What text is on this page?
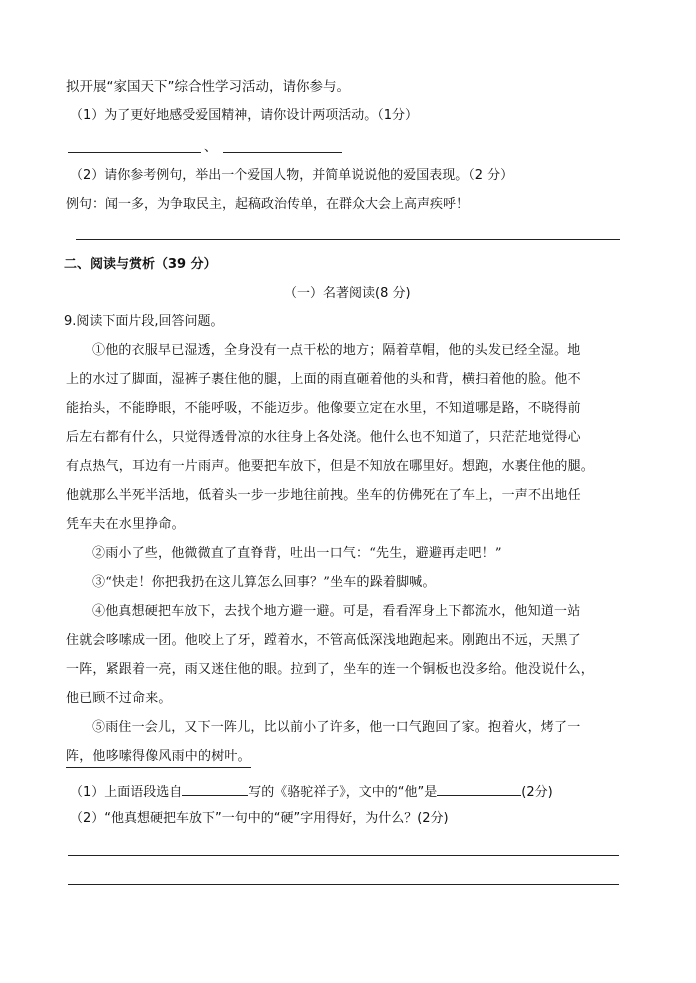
拟开展“家国天下”综合性学习活动，请你参与。
（1）为了更好地感受爱国精神，请你设计两项活动。（1分）
、
（2）请你参考例句，举出一个爱国人物，并简单说说他的爱国表现。（2 分）
例句：闻一多，为争取民主，起稿政治传单，在群众大会上高声疾呼！
二、阅读与赏析（39 分）
（一）名著阅读(8 分)
9.阅读下面片段,回答问题。
①他的衣服早已湿透，全身没有一点干松的地方；隔着草帽，他的头发已经全湿。地
上的水过了脚面，湿裤子裹住他的腿，上面的雨直砸着他的头和背，横扫着他的脸。他不
能抬头，不能睁眼，不能呼吸，不能迈步。他像要立定在水里，不知道哪是路，不晓得前
后左右都有什么，只觉得透骨凉的水往身上各处浇。他什么也不知道了，只茫茫地觉得心
有点热气，耳边有一片雨声。他要把车放下，但是不知放在哪里好。想跑，水裹住他的腿。
他就那么半死半活地，低着头一步一步地往前拽。坐车的仿佛死在了车上，一声不出地任
凭车夫在水里挣命。
②雨小了些，他微微直了直脊背，吐出一口气：“先生，避避再走吧！”
③“快走！你把我扔在这儿算怎么回事？”坐车的跺着脚喊。
④他真想硬把车放下，去找个地方避一避。可是，看看浑身上下都流水，他知道一站
住就会哆嗦成一团。他咬上了牙，蹚着水，不管高低深浅地跑起来。刚跑出不远，天黑了
一阵，紧跟着一亮，雨又迷住他的眼。拉到了，坐车的连一个铜板也没多给。他没说什么，
他已顾不过命来。
⑤雨住一会儿，又下一阵儿，比以前小了许多，他一口气跑回了家。抱着火，烤了一
阵，他哆嗦得像风雨中的树叶。
（1）上面语段选自	写的《骆驼祥子》，文中的“他”是	(2分)
（2）“他真想硬把车放下”一句中的“硬”字用得好，为什么？(2分)
